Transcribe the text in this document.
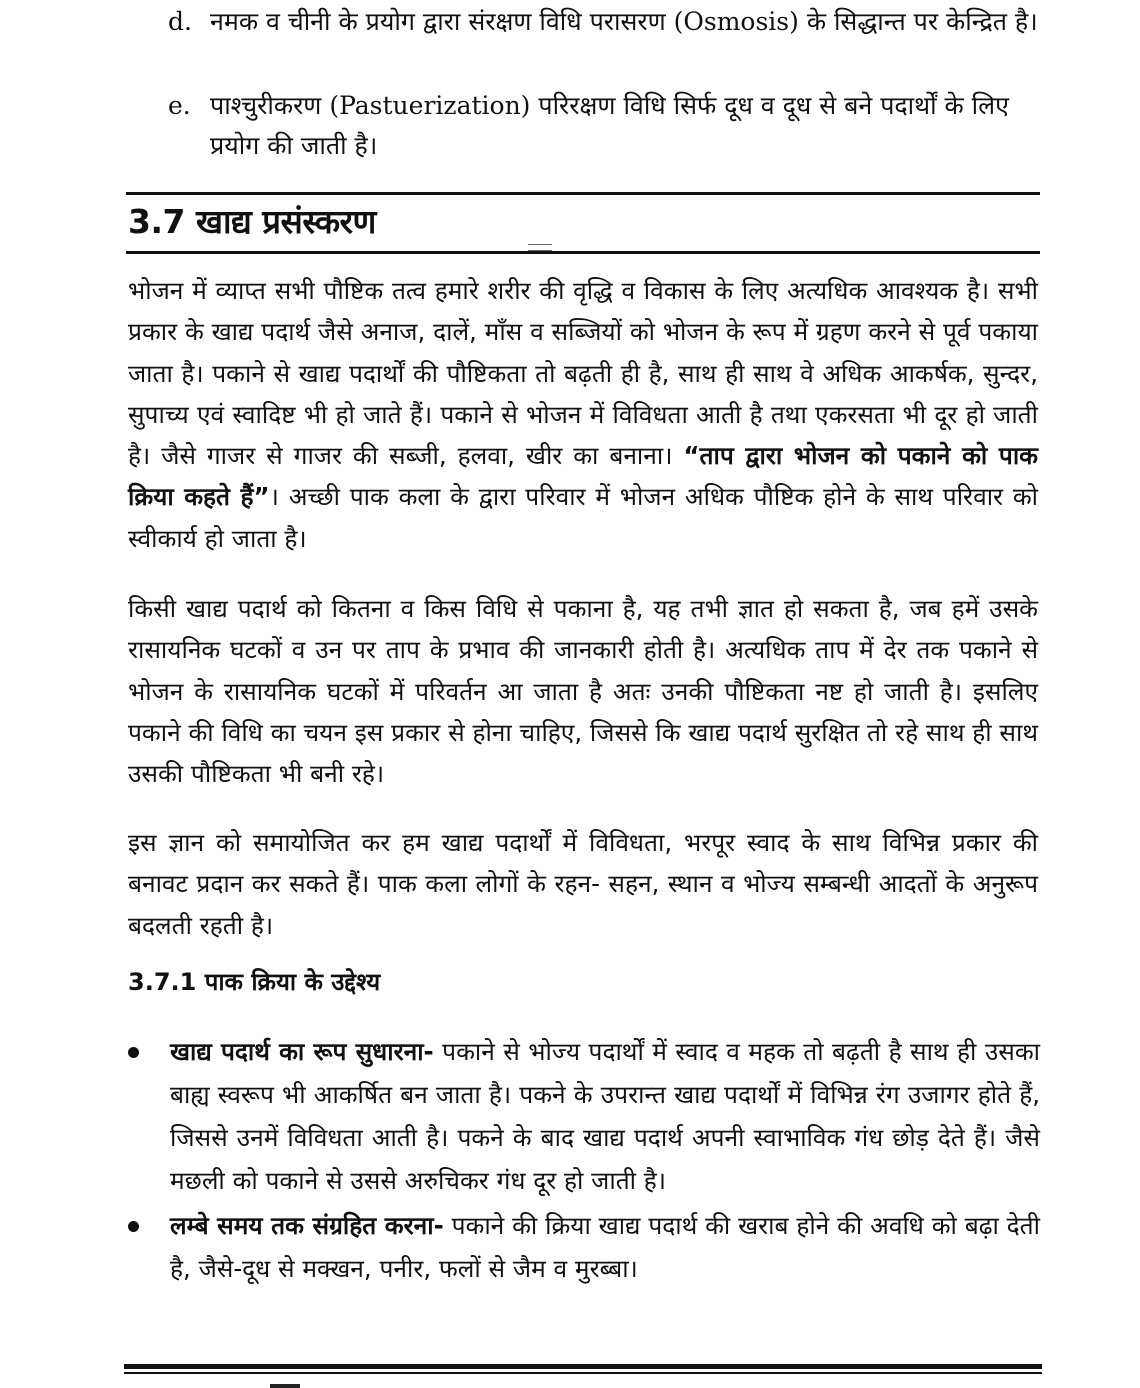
d. नमक व चीनी के प्रयोग द्वारा संरक्षण विधि परासरण (Osmosis) के सिद्धान्त पर केन्द्रित है।
e. पाश्चुरीकरण (Pastuerization) परिरक्षण विधि सिर्फ दूध व दूध से बने पदार्थों के लिए प्रयोग की जाती है।
3.7 खाद्य प्रसंस्करण

भोजन में व्याप्त सभी पौष्टिक तत्व हमारे शरीर की वृद्धि व विकास के लिए अत्यधिक आवश्यक है। सभी प्रकार के खाद्य पदार्थ जैसे अनाज, दालें, माँस व सब्जियों को भोजन के रूप में ग्रहण करने से पूर्व पकाया जाता है। पकाने से खाद्य पदार्थों की पौष्टिकता तो बढ़ती ही है, साथ ही साथ वे अधिक आकर्षक, सुन्दर, सुपाच्य एवं स्वादिष्ट भी हो जाते हैं। पकाने से भोजन में विविधता आती है तथा एकरसता भी दूर हो जाती है। जैसे गाजर से गाजर की सब्जी, हलवा, खीर का बनाना। “ताप द्वारा भोजन को पकाने को पाक क्रिया कहते हैं”। अच्छी पाक कला के द्वारा परिवार में भोजन अधिक पौष्टिक होने के साथ परिवार को स्वीकार्य हो जाता है।

किसी खाद्य पदार्थ को कितना व किस विधि से पकाना है, यह तभी ज्ञात हो सकता है, जब हमें उसके रासायनिक घटकों व उन पर ताप के प्रभाव की जानकारी होती है। अत्यधिक ताप में देर तक पकाने से भोजन के रासायनिक घटकों में परिवर्तन आ जाता है अतः उनकी पौष्टिकता नष्ट हो जाती है। इसलिए पकाने की विधि का चयन इस प्रकार से होना चाहिए, जिससे कि खाद्य पदार्थ सुरक्षित तो रहे साथ ही साथ उसकी पौष्टिकता भी बनी रहे।

इस ज्ञान को समायोजित कर हम खाद्य पदार्थों में विविधता, भरपूर स्वाद के साथ विभिन्न प्रकार की बनावट प्रदान कर सकते हैं। पाक कला लोगों के रहन- सहन, स्थान व भोज्य सम्बन्धी आदतों के अनुरूप बदलती रहती है।

3.7.1 पाक क्रिया के उद्देश्य
खाद्य पदार्थ का रूप सुधारना- पकाने से भोज्य पदार्थों में स्वाद व महक तो बढ़ती है साथ ही उसका बाह्य स्वरूप भी आकर्षित बन जाता है। पकने के उपरान्त खाद्य पदार्थों में विभिन्न रंग उजागर होते हैं, जिससे उनमें विविधता आती है। पकने के बाद खाद्य पदार्थ अपनी स्वाभाविक गंध छोड़ देते हैं। जैसे मछली को पकाने से उससे अरुचिकर गंध दूर हो जाती है।
लम्बे समय तक संग्रहित करना- पकाने की क्रिया खाद्य पदार्थ की खराब होने की अवधि को बढ़ा देती है, जैसे-दूध से मक्खन, पनीर, फलों से जैम व मुरब्बा।
